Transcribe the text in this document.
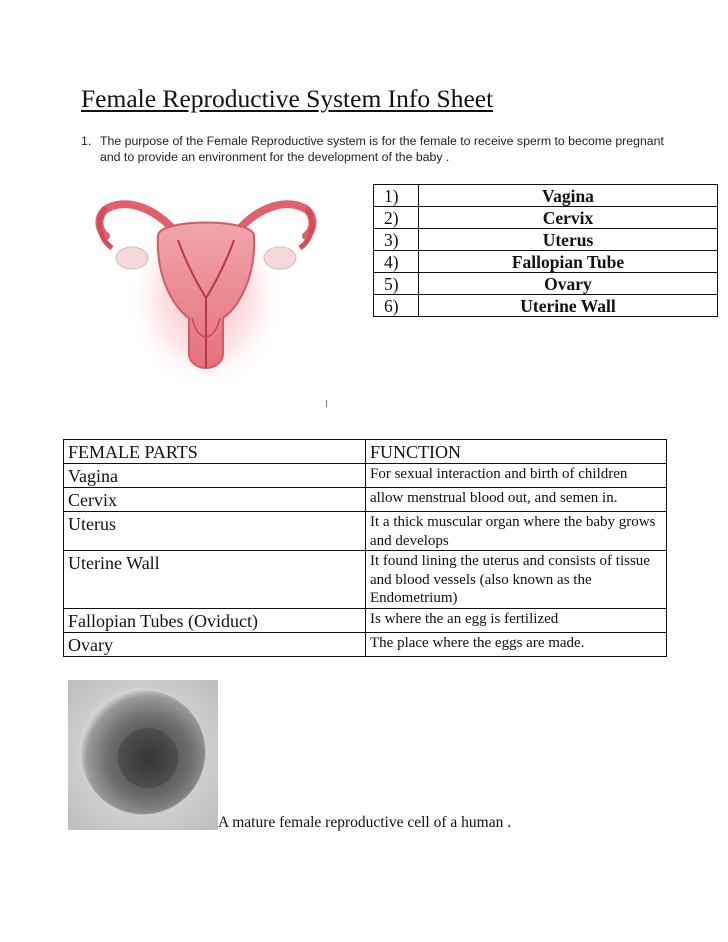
Female Reproductive System Info Sheet
1. The purpose of the Female Reproductive system is for the female to receive sperm to become pregnant and to provide an environment for the development of the baby .
1)	Vagina
2)	Cervix
3)	Uterus
4)	Fallopian Tube
5)	Ovary
6)	Uterine Wall
FEMALE PARTS	FUNCTION
Vagina	For sexual interaction and birth of children
Cervix	allow menstrual blood out, and semen in.
Uterus	It a thick muscular organ where the baby grows and develops
Uterine Wall	It found lining the uterus and consists of tissue and blood vessels (also known as the Endometrium)
Fallopian Tubes (Oviduct)	Is where the an egg is fertilized
Ovary	The place where the eggs are made.
A mature female reproductive cell of a human .
